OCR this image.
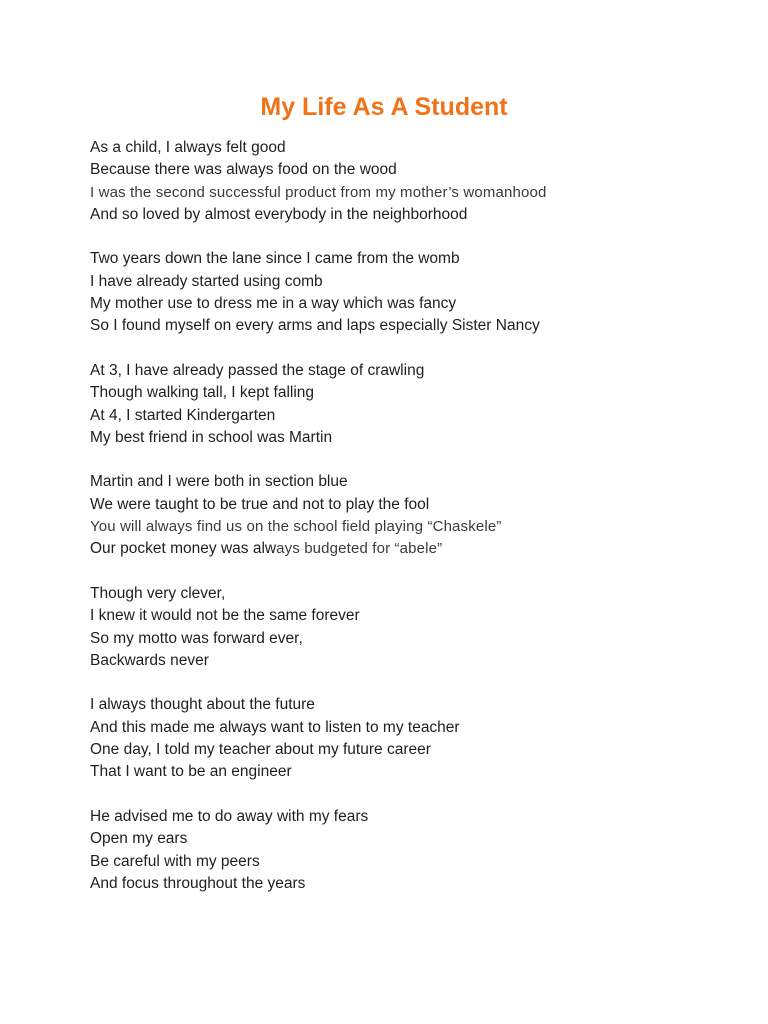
My Life As A Student
As a child, I always felt good
Because there was always food on the wood
I was the second successful product from my mother’s womanhood
And so loved by almost everybody in the neighborhood
Two years down the lane since I came from the womb
I have already started using comb
My mother use to dress me in a way which was fancy
So I found myself on every arms and laps especially Sister Nancy
At 3, I have already passed the stage of crawling
Though walking tall, I kept falling
At 4, I started Kindergarten
My best friend in school was Martin
Martin and I were both in section blue
We were taught to be true and not to play the fool
You will always find us on the school field playing “Chaskele”
Our pocket money was always budgeted for “abele”
Though very clever,
I knew it would not be the same forever
So my motto was forward ever,
Backwards never
I always thought about the future
And this made me always want to listen to my teacher
One day, I told my teacher about my future career
That I want to be an engineer
He advised me to do away with my fears
Open my ears
Be careful with my peers
And focus throughout the years
